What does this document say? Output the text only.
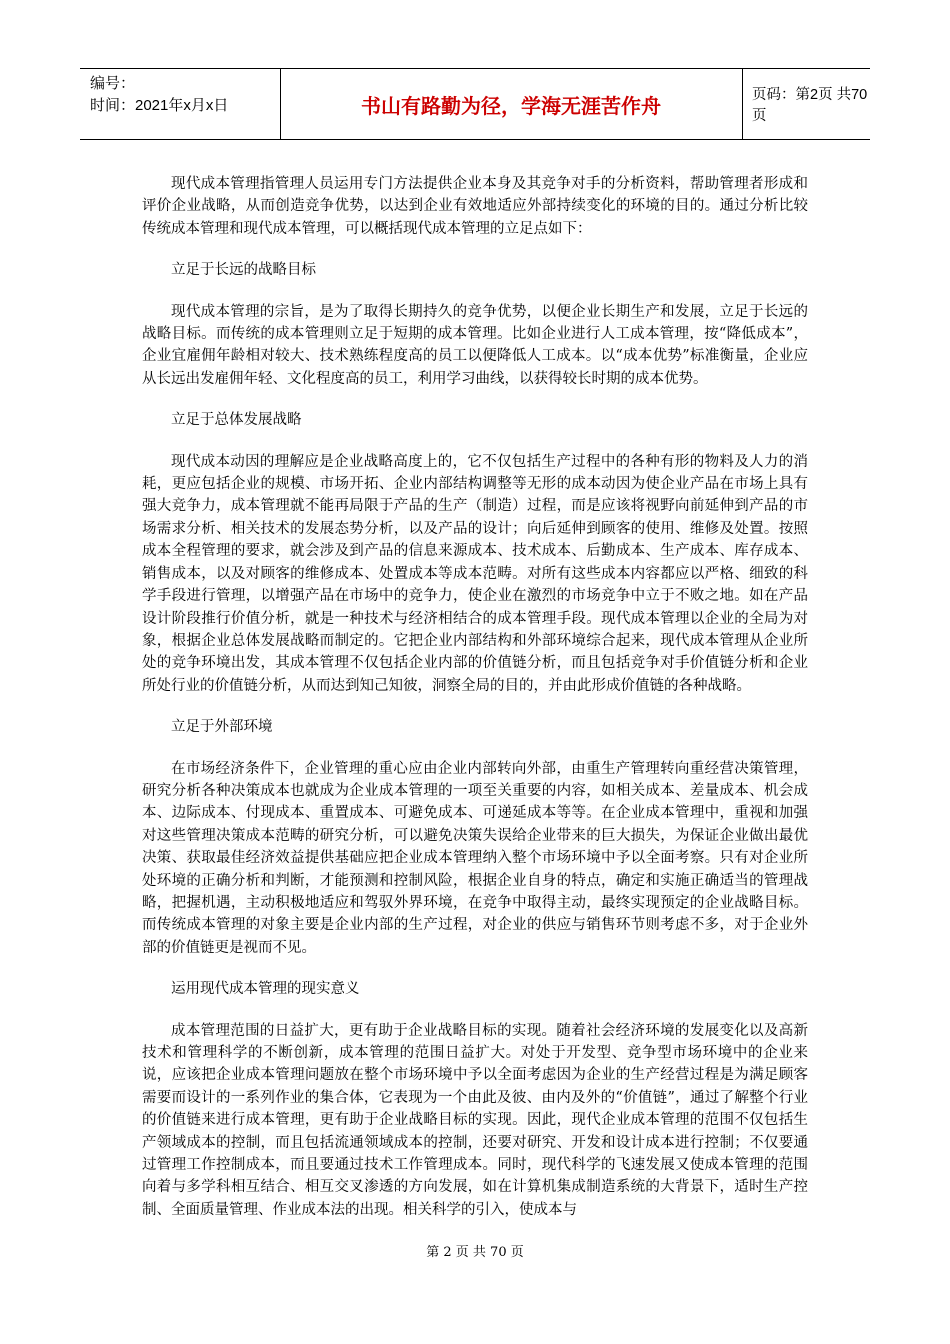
编号：
时间：2021年x月x日	书山有路勤为径，学海无涯苦作舟	页码：第2页 共70页

现代成本管理指管理人员运用专门方法提供企业本身及其竞争对手的分析资料，帮助管理者形成和评价企业战略，从而创造竞争优势，以达到企业有效地适应外部持续变化的环境的目的。通过分析比较传统成本管理和现代成本管理，可以概括现代成本管理的立足点如下：

立足于长远的战略目标

现代成本管理的宗旨，是为了取得长期持久的竞争优势，以便企业长期生产和发展，立足于长远的战略目标。而传统的成本管理则立足于短期的成本管理。比如企业进行人工成本管理，按“降低成本”，企业宜雇佣年龄相对较大、技术熟练程度高的员工以便降低人工成本。以“成本优势”标准衡量，企业应从长远出发雇佣年轻、文化程度高的员工，利用学习曲线，以获得较长时期的成本优势。

立足于总体发展战略

现代成本动因的理解应是企业战略高度上的，它不仅包括生产过程中的各种有形的物料及人力的消耗，更应包括企业的规模、市场开拓、企业内部结构调整等无形的成本动因为使企业产品在市场上具有强大竞争力，成本管理就不能再局限于产品的生产（制造）过程，而是应该将视野向前延伸到产品的市场需求分析、相关技术的发展态势分析，以及产品的设计；向后延伸到顾客的使用、维修及处置。按照成本全程管理的要求，就会涉及到产品的信息来源成本、技术成本、后勤成本、生产成本、库存成本、销售成本，以及对顾客的维修成本、处置成本等成本范畴。对所有这些成本内容都应以严格、细致的科学手段进行管理，以增强产品在市场中的竞争力，使企业在激烈的市场竞争中立于不败之地。如在产品设计阶段推行价值分析，就是一种技术与经济相结合的成本管理手段。现代成本管理以企业的全局为对象，根据企业总体发展战略而制定的。它把企业内部结构和外部环境综合起来，现代成本管理从企业所处的竞争环境出发，其成本管理不仅包括企业内部的价值链分析，而且包括竞争对手价值链分析和企业所处行业的价值链分析，从而达到知己知彼，洞察全局的目的，并由此形成价值链的各种战略。

立足于外部环境

在市场经济条件下，企业管理的重心应由企业内部转向外部，由重生产管理转向重经营决策管理，研究分析各种决策成本也就成为企业成本管理的一项至关重要的内容，如相关成本、差量成本、机会成本、边际成本、付现成本、重置成本、可避免成本、可递延成本等等。在企业成本管理中，重视和加强对这些管理决策成本范畴的研究分析，可以避免决策失误给企业带来的巨大损失，为保证企业做出最优决策、获取最佳经济效益提供基础应把企业成本管理纳入整个市场环境中予以全面考察。只有对企业所处环境的正确分析和判断，才能预测和控制风险，根据企业自身的特点，确定和实施正确适当的管理战略，把握机遇，主动积极地适应和驾驭外界环境，在竞争中取得主动，最终实现预定的企业战略目标。而传统成本管理的对象主要是企业内部的生产过程，对企业的供应与销售环节则考虑不多，对于企业外部的价值链更是视而不见。

运用现代成本管理的现实意义

成本管理范围的日益扩大，更有助于企业战略目标的实现。随着社会经济环境的发展变化以及高新技术和管理科学的不断创新，成本管理的范围日益扩大。对处于开发型、竞争型市场环境中的企业来说，应该把企业成本管理问题放在整个市场环境中予以全面考虑因为企业的生产经营过程是为满足顾客需要而设计的一系列作业的集合体，它表现为一个由此及彼、由内及外的“价值链”，通过了解整个行业的价值链来进行成本管理，更有助于企业战略目标的实现。因此，现代企业成本管理的范围不仅包括生产领域成本的控制，而且包括流通领域成本的控制，还要对研究、开发和设计成本进行控制；不仅要通过管理工作控制成本，而且要通过技术工作管理成本。同时，现代科学的飞速发展又使成本管理的范围向着与多学科相互结合、相互交叉渗透的方向发展，如在计算机集成制造系统的大背景下，适时生产控制、全面质量管理、作业成本法的出现。相关科学的引入，使成本与

第 2 页 共 70 页
